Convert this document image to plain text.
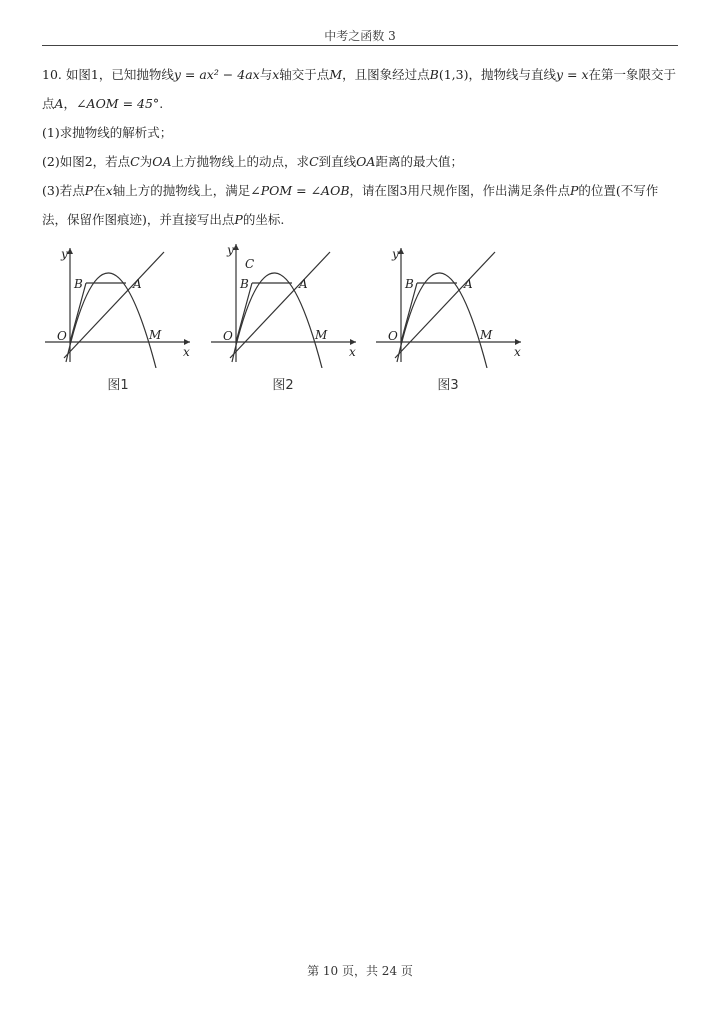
中考之函数 3
10. 如图1，已知抛物线y = ax² − 4ax与x轴交于点M，且图象经过点B(1,3)，抛物线与直线y = x在第一象限交于
点A，∠AOM = 45°.
(1)求抛物线的解析式；
(2)如图2，若点C为OA上方抛物线上的动点，求C到直线OA距离的最大值；
(3)若点P在x轴上方的抛物线上，满足∠POM = ∠AOB，请在图3用尺规作图，作出满足条件点P的位置(不写作
法，保留作图痕迹)，并直接写出点P的坐标.
y
x
O
B	A
M
图1
y
C
x
O
B	A
M
图2
y
x
O
B	A
M
图3
第 10 页，共 24 页
